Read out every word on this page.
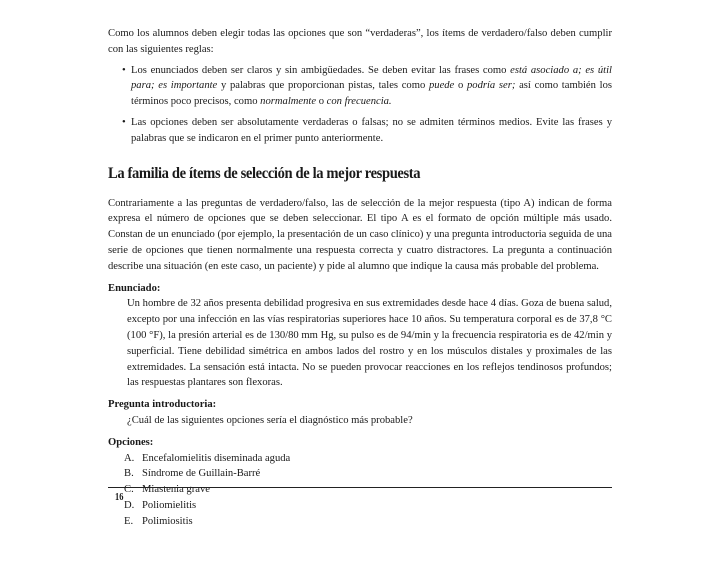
Como los alumnos deben elegir todas las opciones que son “verdaderas”, los ítems de verdadero/falso deben cumplir con las siguientes reglas:

• Los enunciados deben ser claros y sin ambigüedades. Se deben evitar las frases como está asociado a; es útil para; es importante y palabras que proporcionan pistas, tales como puede o podría ser; así como también los términos poco precisos, como normalmente o con frecuencia.
• Las opciones deben ser absolutamente verdaderas o falsas; no se admiten términos medios. Evite las frases y palabras que se indicaron en el primer punto anteriormente.
La familia de ítems de selección de la mejor respuesta

Contrariamente a las preguntas de verdadero/falso, las de selección de la mejor respuesta (tipo A) indican de forma expresa el número de opciones que se deben seleccionar. El tipo A es el formato de opción múltiple más usado. Constan de un enunciado (por ejemplo, la presentación de un caso clínico) y una pregunta introductoria seguida de una serie de opciones que tienen normalmente una respuesta correcta y cuatro distractores. La pregunta a continuación describe una situación (en este caso, un paciente) y pide al alumno que indique la causa más probable del problema.

Enunciado:

Un hombre de 32 años presenta debilidad progresiva en sus extremidades desde hace 4 días. Goza de buena salud, excepto por una infección en las vías respiratorias superiores hace 10 años. Su temperatura corporal es de 37,8 °C (100 °F), la presión arterial es de 130/80 mm Hg, su pulso es de 94/min y la frecuencia respiratoria es de 42/min y superficial. Tiene debilidad simétrica en ambos lados del rostro y en los músculos distales y proximales de las extremidades. La sensación está intacta. No se pueden provocar reacciones en los reflejos tendinosos profundos; las respuestas plantares son flexoras.

Pregunta introductoria:

¿Cuál de las siguientes opciones sería el diagnóstico más probable?

Opciones:
A. Encefalomielitis diseminada aguda
B. Síndrome de Guillain-Barré
C. Miastenia grave
D. Poliomielitis
E. Polimiositis
16
